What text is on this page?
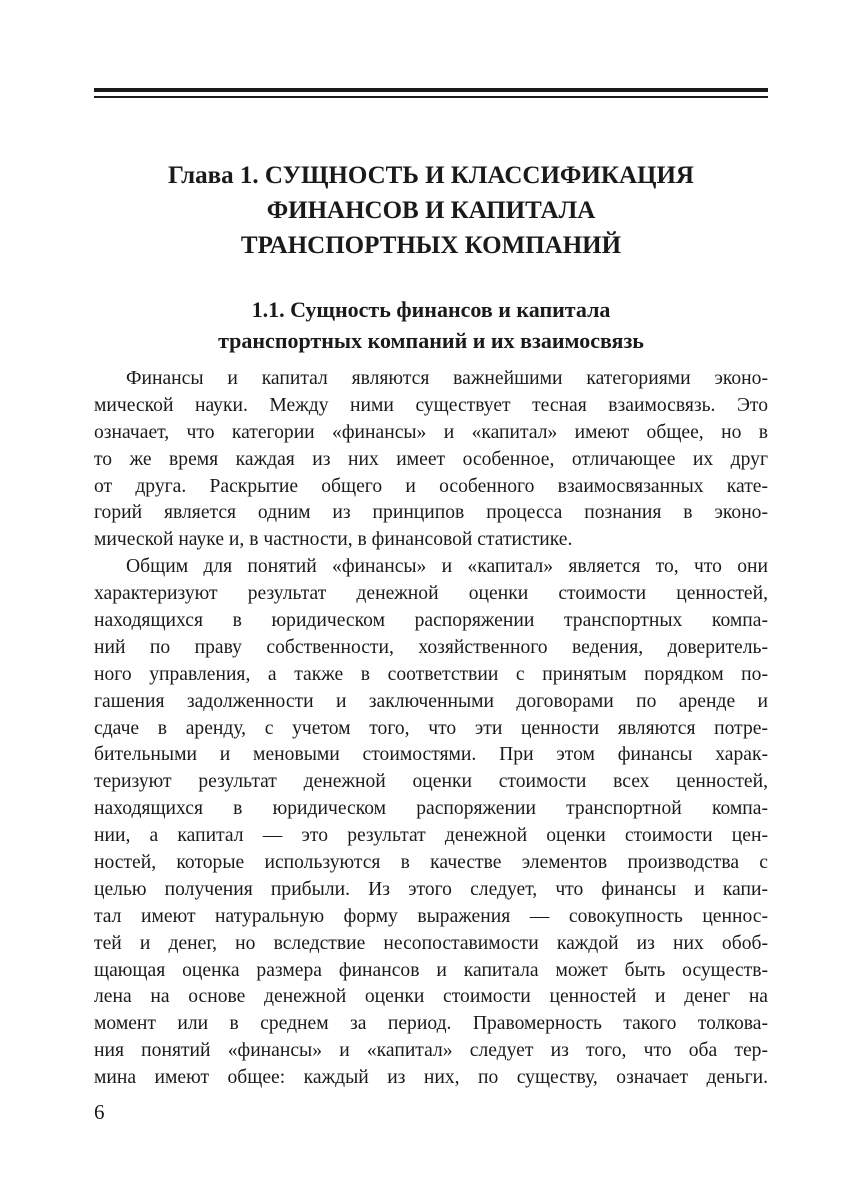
Глава 1. СУЩНОСТЬ И КЛАССИФИКАЦИЯ
ФИНАНСОВ И КАПИТАЛА
ТРАНСПОРТНЫХ КОМПАНИЙ
1.1. Сущность финансов и капитала
транспортных компаний и их взаимосвязь
Финансы и капитал являются важнейшими категориями эконо-
мической науки. Между ними существует тесная взаимосвязь. Это
означает, что категории «финансы» и «капитал» имеют общее, но в
то же время каждая из них имеет особенное, отличающее их друг
от друга. Раскрытие общего и особенного взаимосвязанных кате-
горий является одним из принципов процесса познания в эконо-
мической науке и, в частности, в финансовой статистике.
Общим для понятий «финансы» и «капитал» является то, что они
характеризуют результат денежной оценки стоимости ценностей,
находящихся в юридическом распоряжении транспортных компа-
ний по праву собственности, хозяйственного ведения, доверитель-
ного управления, а также в соответствии с принятым порядком по-
гашения задолженности и заключенными договорами по аренде и
сдаче в аренду, с учетом того, что эти ценности являются потре-
бительными и меновыми стоимостями. При этом финансы харак-
теризуют результат денежной оценки стоимости всех ценностей,
находящихся в юридическом распоряжении транспортной компа-
нии, а капитал — это результат денежной оценки стоимости цен-
ностей, которые используются в качестве элементов производства с
целью получения прибыли. Из этого следует, что финансы и капи-
тал имеют натуральную форму выражения — совокупность ценнос-
тей и денег, но вследствие несопоставимости каждой из них обоб-
щающая оценка размера финансов и капитала может быть осуществ-
лена на основе денежной оценки стоимости ценностей и денег на
момент или в среднем за период. Правомерность такого толкова-
ния понятий «финансы» и «капитал» следует из того, что оба тер-
мина имеют общее: каждый из них, по существу, означает деньги.
6
